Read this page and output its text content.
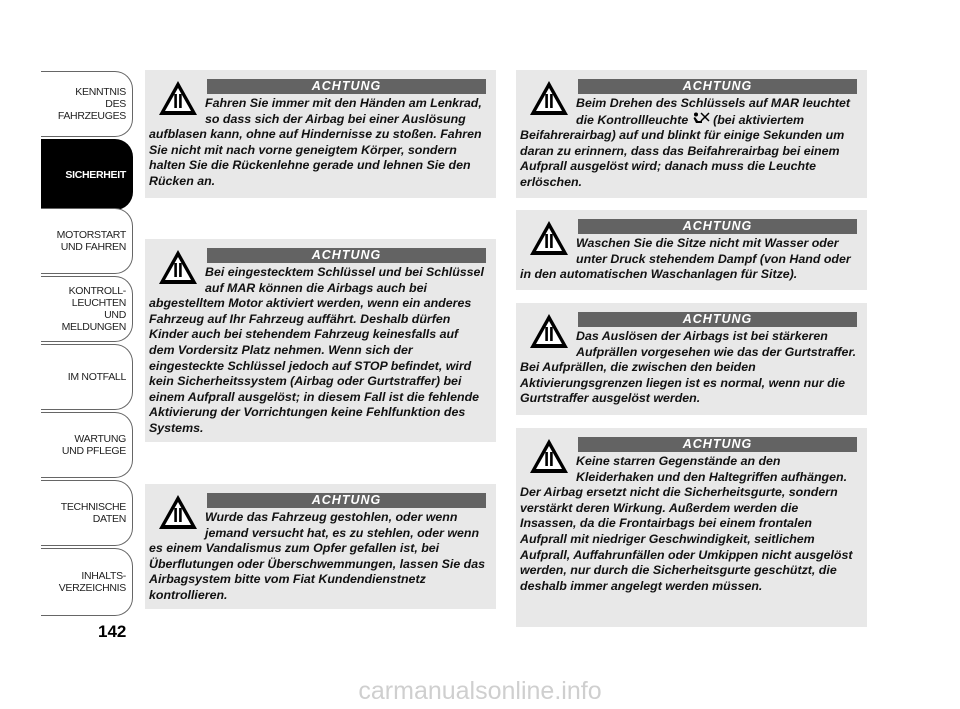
KENNTNIS
DES FAHRZEUGES
SICHERHEIT
MOTORSTART
UND FAHREN
KONTROLL-
LEUCHTEN
UND MELDUNGEN
IM NOTFALL
WARTUNG
UND PFLEGE
TECHNISCHE
DATEN
INHALTS-
VERZEICHNIS
142
ACHTUNG

Fahren Sie immer mit den Händen am Lenkrad, so dass sich der Airbag bei einer Auslösung aufblasen kann, ohne auf Hindernisse zu stoßen. Fahren Sie nicht mit nach vorne geneigtem Körper, sondern halten Sie die Rückenlehne gerade und lehnen Sie den Rücken an.

ACHTUNG

Bei eingestecktem Schlüssel und bei Schlüssel auf MAR können die Airbags auch bei abgestelltem Motor aktiviert werden, wenn ein anderes Fahrzeug auf Ihr Fahrzeug auffährt. Deshalb dürfen Kinder auch bei stehendem Fahrzeug keinesfalls auf dem Vordersitz Platz nehmen. Wenn sich der eingesteckte Schlüssel jedoch auf STOP befindet, wird kein Sicherheitssystem (Airbag oder Gurtstraffer) bei einem Aufprall ausgelöst; in diesem Fall ist die fehlende Aktivierung der Vorrichtungen keine Fehlfunktion des Systems.

ACHTUNG

Wurde das Fahrzeug gestohlen, oder wenn jemand versucht hat, es zu stehlen, oder wenn es einem Vandalismus zum Opfer gefallen ist, bei Überflutungen oder Überschwemmungen, lassen Sie das Airbagsystem bitte vom Fiat Kundendienstnetz kontrollieren.

ACHTUNG

Beim Drehen des Schlüssels auf MAR leuchtet die Kontrollleuchte  (bei aktiviertem Beifahrerairbag) auf und blinkt für einige Sekunden um daran zu erinnern, dass das Beifahrerairbag bei einem Aufprall ausgelöst wird; danach muss die Leuchte erlöschen.

ACHTUNG

Waschen Sie die Sitze nicht mit Wasser oder unter Druck stehendem Dampf (von Hand oder in den automatischen Waschanlagen für Sitze).

ACHTUNG

Das Auslösen der Airbags ist bei stärkeren Aufprällen vorgesehen wie das der Gurtstraffer. Bei Aufprällen, die zwischen den beiden Aktivierungsgrenzen liegen ist es normal, wenn nur die Gurtstraffer ausgelöst werden.

ACHTUNG

Keine starren Gegenstände an den Kleiderhaken und den Haltegriffen aufhängen.
Der Airbag ersetzt nicht die Sicherheitsgurte, sondern verstärkt deren Wirkung. Außerdem werden die Insassen, da die Frontairbags bei einem frontalen Aufprall mit niedriger Geschwindigkeit, seitlichem Aufprall, Auffahrunfällen oder Umkippen nicht ausgelöst werden, nur durch die Sicherheitsgurte geschützt, die deshalb immer angelegt werden müssen.

carmanualsonline.info
